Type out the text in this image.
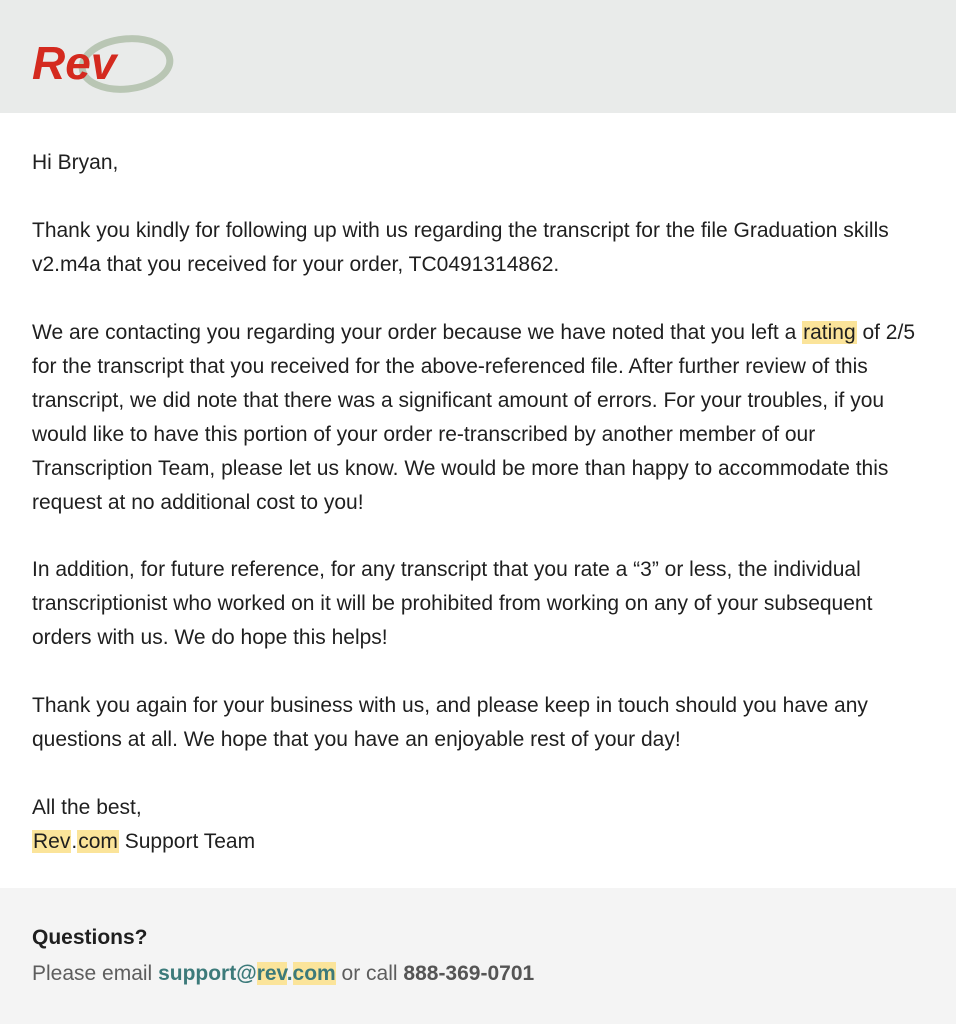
Rev

Hi Bryan,

Thank you kindly for following up with us regarding the transcript for the file Graduation skills v2.m4a that you received for your order, TC0491314862.

We are contacting you regarding your order because we have noted that you left a rating of 2/5 for the transcript that you received for the above-referenced file. After further review of this transcript, we did note that there was a significant amount of errors. For your troubles, if you would like to have this portion of your order re-transcribed by another member of our Transcription Team, please let us know. We would be more than happy to accommodate this request at no additional cost to you!

In addition, for future reference, for any transcript that you rate a “3” or less, the individual transcriptionist who worked on it will be prohibited from working on any of your subsequent orders with us. We do hope this helps!

Thank you again for your business with us, and please keep in touch should you have any questions at all. We hope that you have an enjoyable rest of your day!

All the best,

Rev.com Support Team

Questions?
Please email support@rev.com or call 888-369-0701
